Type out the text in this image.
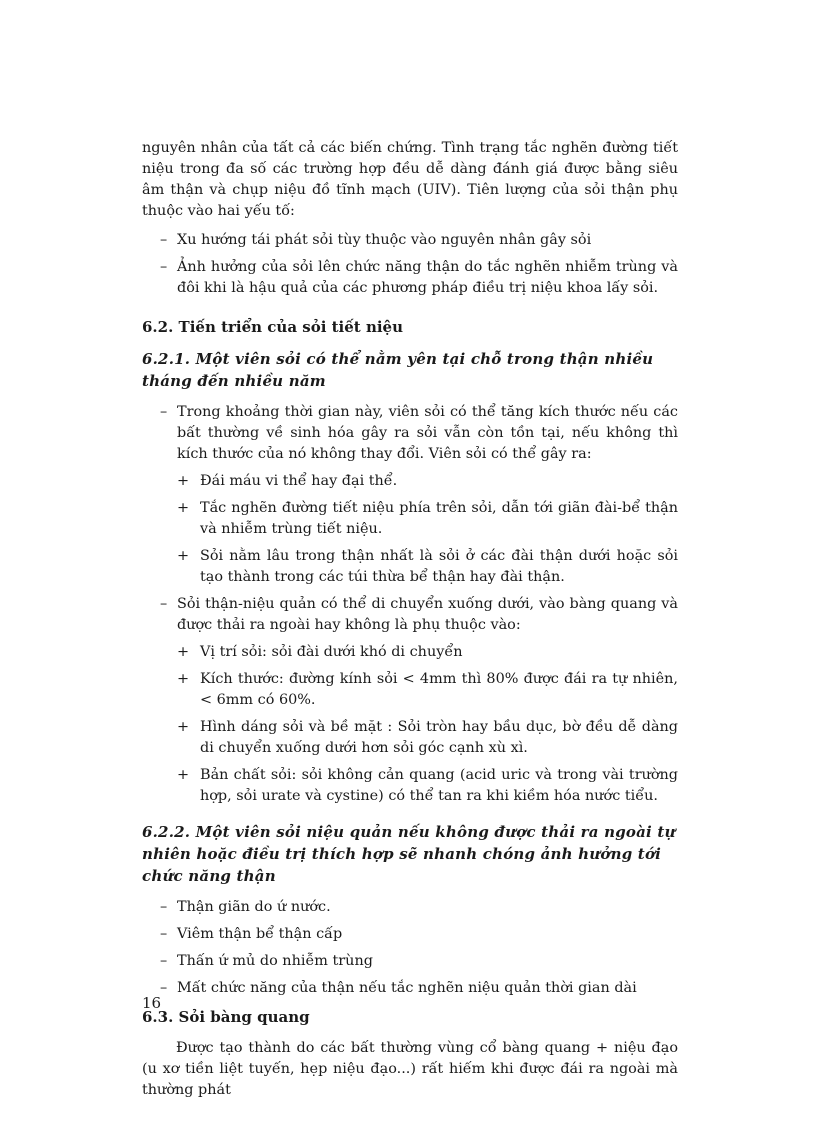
nguyên nhân của tất cả các biến chứng. Tình trạng tắc nghẽn đường tiết niệu trong đa số các trường hợp đều dễ dàng đánh giá được bằng siêu âm thận và chụp niệu đồ tĩnh mạch (UIV). Tiên lượng của sỏi thận phụ thuộc vào hai yếu tố:

– Xu hướng tái phát sỏi tùy thuộc vào nguyên nhân gây sỏi
– Ảnh hưởng của sỏi lên chức năng thận do tắc nghẽn nhiễm trùng và đôi khi là hậu quả của các phương pháp điều trị niệu khoa lấy sỏi.

6.2. Tiến triển của sỏi tiết niệu

6.2.1. Một viên sỏi có thể nằm yên tại chỗ trong thận nhiều tháng đến nhiều năm

– Trong khoảng thời gian này, viên sỏi có thể tăng kích thước nếu các bất thường về sinh hóa gây ra sỏi vẫn còn tồn tại, nếu không thì kích thước của nó không thay đổi. Viên sỏi có thể gây ra:
+ Đái máu vi thể hay đại thể.
+ Tắc nghẽn đường tiết niệu phía trên sỏi, dẫn tới giãn đài-bể thận và nhiễm trùng tiết niệu.
+ Sỏi nằm lâu trong thận nhất là sỏi ở các đài thận dưới hoặc sỏi tạo thành trong các túi thừa bể thận hay đài thận.
– Sỏi thận-niệu quản có thể di chuyển xuống dưới, vào bàng quang và được thải ra ngoài hay không là phụ thuộc vào:
+ Vị trí sỏi: sỏi đài dưới khó di chuyển
+ Kích thước: đường kính sỏi < 4mm thì 80% được đái ra tự nhiên, < 6mm có 60%.
+ Hình dáng sỏi và bề mặt : Sỏi tròn hay bầu dục, bờ đều dễ dàng di chuyển xuống dưới hơn sỏi góc cạnh xù xì.
+ Bản chất sỏi: sỏi không cản quang (acid uric và trong vài trường hợp, sỏi urate và cystine) có thể tan ra khi kiềm hóa nước tiểu.

6.2.2. Một viên sỏi niệu quản nếu không được thải ra ngoài tự nhiên hoặc điều trị thích hợp sẽ nhanh chóng ảnh hưởng tới chức năng thận

– Thận giãn do ứ nước.
– Viêm thận bể thận cấp
– Thấn ứ mủ do nhiễm trùng
– Mất chức năng của thận nếu tắc nghẽn niệu quản thời gian dài

6.3. Sỏi bàng quang

Được tạo thành do các bất thường vùng cổ bàng quang + niệu đạo (u xơ tiền liệt tuyến, hẹp niệu đạo...) rất hiếm khi được đái ra ngoài mà thường phát

16
